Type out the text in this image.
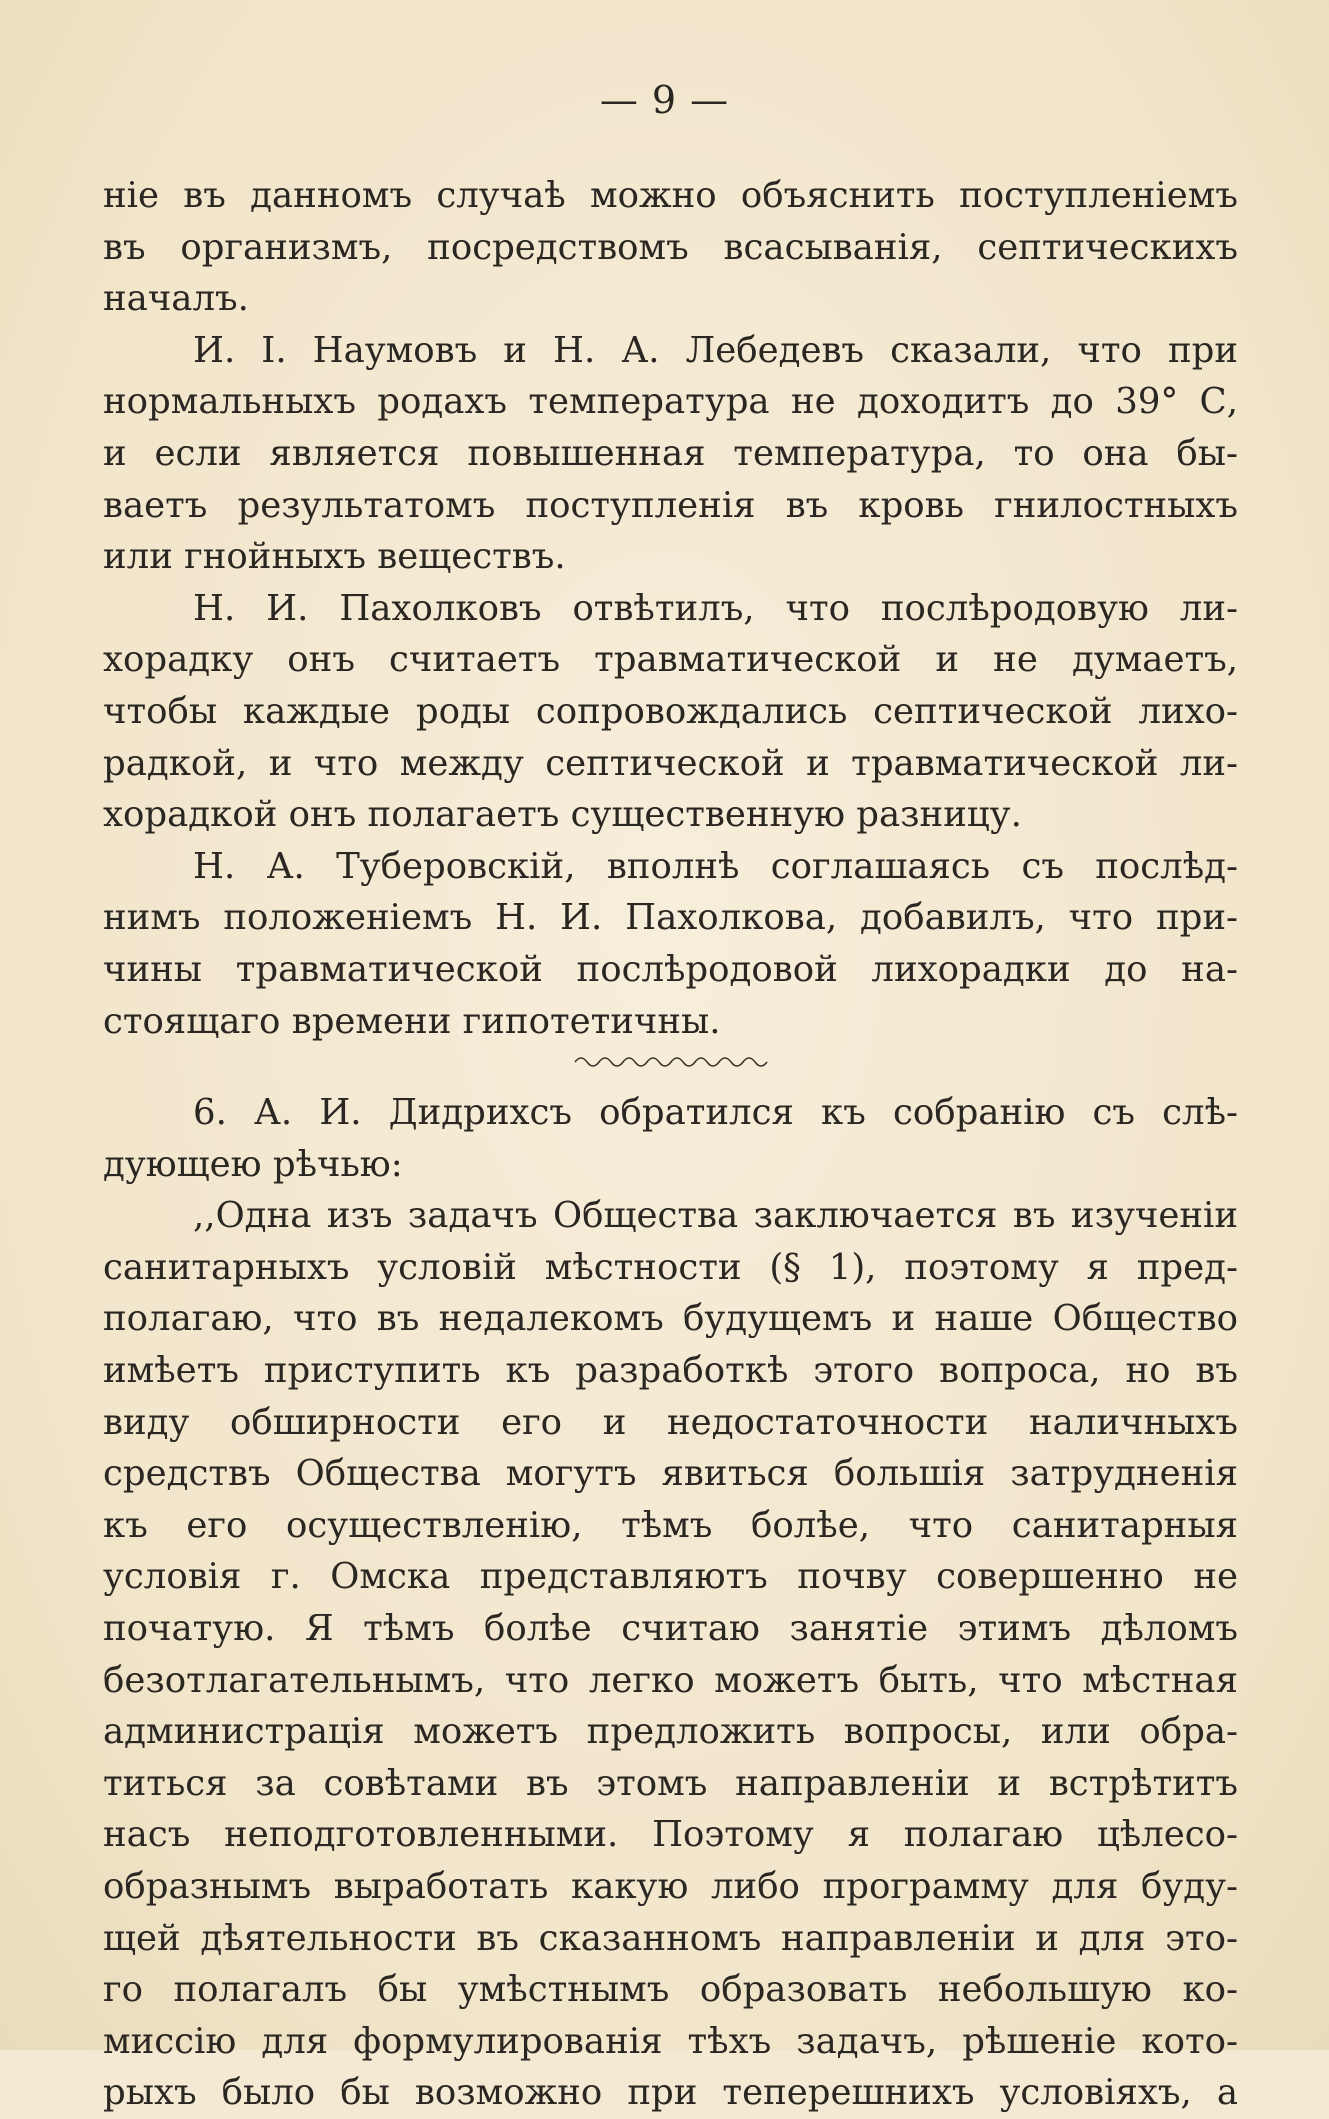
— 9 —
ніе въ данномъ случаѣ можно объяснить поступленіемъ
въ организмъ, посредствомъ всасыванія, септическихъ
началъ.
И. І. Наумовъ и Н. А. Лебедевъ сказали, что при
нормальныхъ родахъ температура не доходитъ до 39° С,
и если является повышенная температура, то она бы-
ваетъ результатомъ поступленія въ кровь гнилостныхъ
или гнойныхъ веществъ.
Н. И. Пахолковъ отвѣтилъ, что послѣродовую ли-
хорадку онъ считаетъ травматической и не думаетъ,
чтобы каждые роды сопровождались септической лихо-
радкой, и что между септической и травматической ли-
хорадкой онъ полагаетъ существенную разницу.
Н. А. Туберовскій, вполнѣ соглашаясь съ послѣд-
нимъ положеніемъ Н. И. Пахолкова, добавилъ, что при-
чины травматической послѣродовой лихорадки до на-
стоящаго времени гипотетичны.
6. А. И. Дидрихсъ обратился къ собранію съ слѣ-
дующею рѣчью:
,,Одна изъ задачъ Общества заключается въ изученіи
санитарныхъ условій мѣстности (§ 1), поэтому я пред-
полагаю, что въ недалекомъ будущемъ и наше Общество
имѣетъ приступить къ разработкѣ этого вопроса, но въ
виду обширности его и недостаточности наличныхъ
средствъ Общества могутъ явиться большія затрудненія
къ его осуществленію, тѣмъ болѣе, что санитарныя
условія г. Омска представляютъ почву совершенно не
початую. Я тѣмъ болѣе считаю занятіе этимъ дѣломъ
безотлагательнымъ, что легко можетъ быть, что мѣстная
администрація можетъ предложить вопросы, или обра-
титься за совѣтами въ этомъ направленіи и встрѣтитъ
насъ неподготовленными. Поэтому я полагаю цѣлесо-
образнымъ выработать какую либо программу для буду-
щей дѣятельности въ сказанномъ направленіи и для это-
го полагалъ бы умѣстнымъ образовать небольшую ко-
миссію для формулированія тѣхъ задачъ, рѣшеніе кото-
рыхъ было бы возможно при теперешнихъ условіяхъ, а
